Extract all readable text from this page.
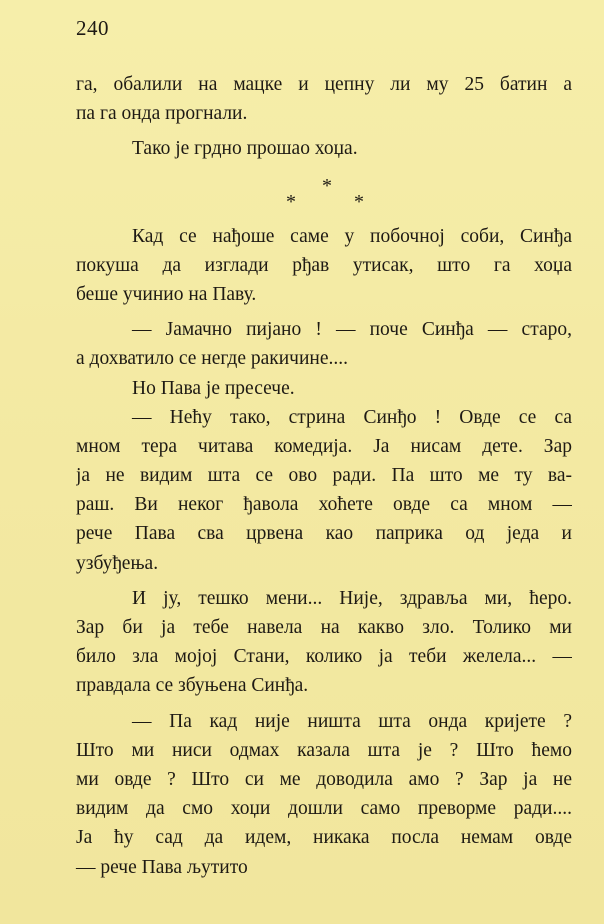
240
га, обалили на мацке и цепну ли му 25 батин а
па га онда прогнали.
Тако је грдно прошао хоџа.
*
*	*
Кад се нађоше саме у побочној соби, Синђа
покуша да изглади рђав утисак, што га хоџа
беше учинио на Паву.
— Јамачно пијано ! — поче Синђа — старо,
а дохватило се негде ракичине....
Но Пава је пресече.
— Нећу тако, стрина Синђо ! Овде се са
мном тера читава комедија. Ја нисам дете. Зар
ја не видим шта се ово ради. Па што ме ту ва-
раш. Ви неког ђавола хоћете овде са мном —
рече Пава сва црвена као паприка од једа и
узбуђења.
И ју, тешко мени... Није, здравља ми, ћеро.
Зар би ја тебе навела на какво зло. Толико ми
било зла мојој Стани, колико ја теби желела... —
правдала се збуњена Синђа.
— Па кад није ништа шта онда кријете ?
Што ми ниси одмах казала шта је ? Што ћемо
ми овде ? Што си ме доводила амо ? Зар ја не
видим да смо хоџи дошли само преворме ради....
Ја ћу сад да идем, никака посла немам овде
— рече Пава љутито
